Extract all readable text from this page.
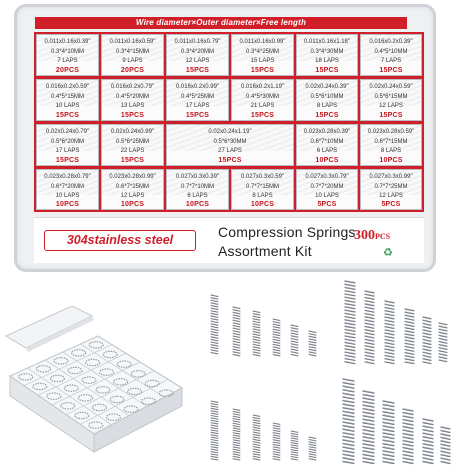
Wire diameter×Outer diameter×Free length
0.011x0.16x0.39"
0.3*4*10MM
7 LAPS
20PCS
0.011x0.16x0.59"
0.3*4*15MM
9 LAPS
20PCS
0.011x0.16x0.79"
0.3*4*20MM
12 LAPS
15PCS
0.011x0.16x0.99"
0.3*4*25MM
15 LAPS
15PCS
0.011x0.16x1.18"
0.3*4*30MM
18 LAPS
15PCS
0.016x0.2x0.39"
0.4*5*10MM
7 LAPS
15PCS
0.016x0.2x0.59"
0.4*5*15MM
10 LAPS
15PCS
0.016x0.2x0.79"
0.4*5*20MM
13 LAPS
15PCS
0.016x0.2x0.99"
0.4*5*25MM
17 LAPS
15PCS
0.016x0.2x1.19"
0.4*5*30MM
21 LAPS
15PCS
0.02x0.24x0.39"
0.5*6*10MM
8 LAPS
15PCS
0.02x0.24x0.59"
0.5*6*15MM
12 LAPS
15PCS
0.02x0.24x0.79"
0.5*6*20MM
17 LAPS
15PCS
0.02x0.24x0.99"
0.5*6*25MM
22 LAPS
15PCS
0.02x0.24x1.19"
0.5*6*30MM
27 LAPS
15PCS
0.023x0.28x0.39"
0.6*7*10MM
6 LAPS
10PCS
0.023x0.28x0.59"
0.6*7*15MM
8 LAPS
10PCS
0.023x0.28x0.79"
0.6*7*20MM
10 LAPS
10PCS
0.023x0.28x0.99"
0.6*7*25MM
12 LAPS
10PCS
0.027x0.3x0.39"
0.7*7*10MM
6 LAPS
10PCS
0.027x0.3x0.59"
0.7*7*15MM
8 LAPS
10PCS
0.027x0.3x0.79"
0.7*7*20MM
10 LAPS
5PCS
0.027x0.3x0.99"
0.7*7*25MM
12 LAPS
5PCS
304stainless steel	Compression Springs
Assortment Kit
300PCS
♻
